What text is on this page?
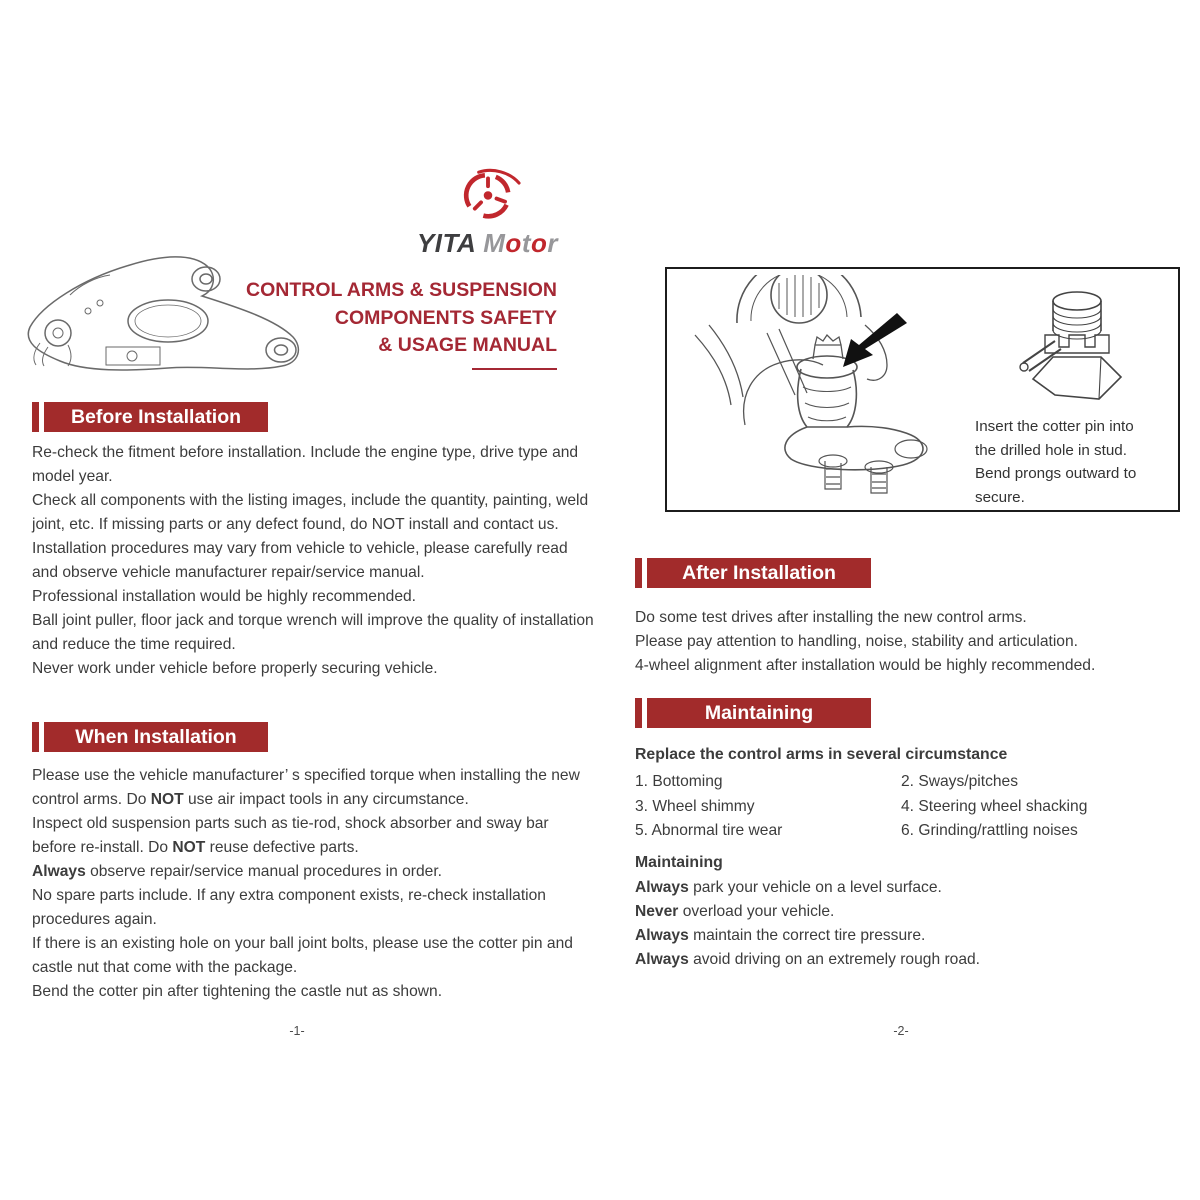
YITA Motor
CONTROL ARMS & SUSPENSION
COMPONENTS SAFETY
& USAGE MANUAL
Before Installation

Re-check the fitment before installation. Include the engine type, drive type and model year.

Check all components with the listing images, include the quantity, painting, weld joint, etc. If missing parts or any defect found, do NOT install and contact us.

Installation procedures may vary from vehicle to vehicle, please carefully read and observe vehicle manufacturer repair/service manual.

Professional installation would be highly recommended.

Ball joint puller, floor jack and torque wrench will improve the quality of installation and reduce the time required.

Never work under vehicle before properly securing vehicle.

When Installation

Please use the vehicle manufacturer’ s specified torque when installing the new control arms. Do NOT use air impact tools in any circumstance.

Inspect old suspension parts such as tie-rod, shock absorber and sway bar before re-install. Do NOT reuse defective parts.

Always observe repair/service manual procedures in order.

No spare parts include. If any extra component exists, re-check installation procedures again.

If there is an existing hole on your ball joint bolts, please use the cotter pin and castle nut that come with the package.

Bend the cotter pin after tightening the castle nut as shown.

-1-
Insert the cotter pin into the drilled hole in stud. Bend prongs outward to secure.
After Installation

Do some test drives after installing the new control arms.

Please pay attention to handling, noise, stability and articulation.

4-wheel alignment after installation would be highly recommended.

Maintaining
Replace the control arms in several circumstance
1. Bottoming	2. Sways/pitches
3. Wheel shimmy	4. Steering wheel shacking
5. Abnormal tire wear	6. Grinding/rattling noises
Maintaining

Always park your vehicle on a level surface.

Never overload your vehicle.

Always maintain the correct tire pressure.

Always avoid driving on an extremely rough road.

-2-
